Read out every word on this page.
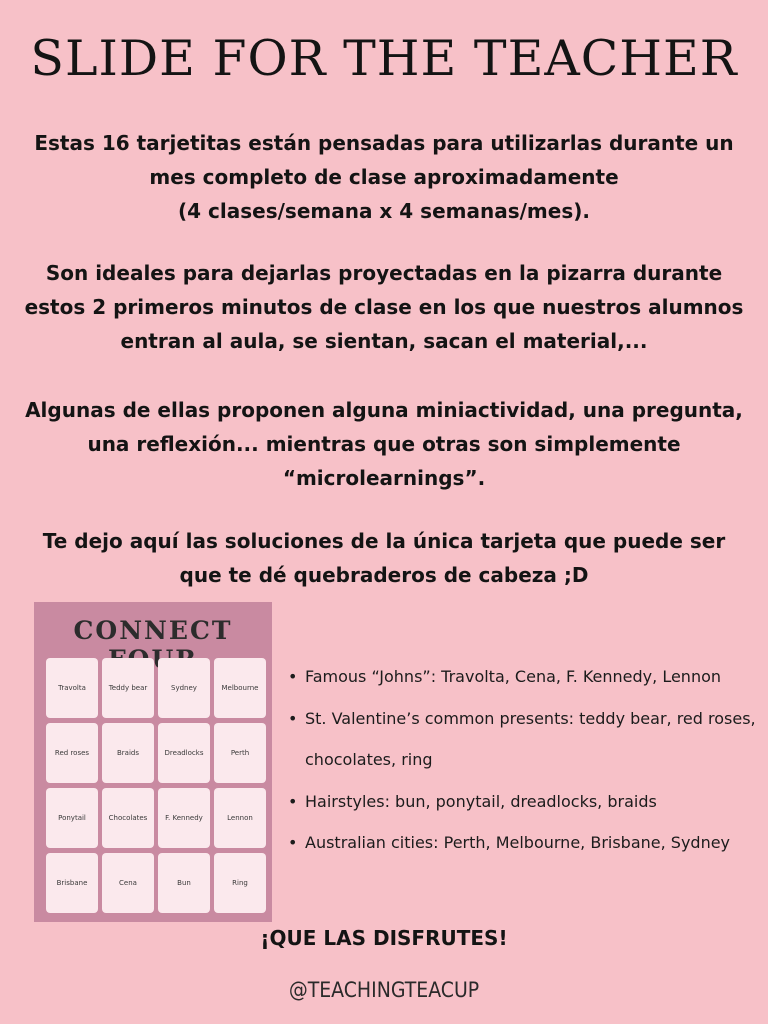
SLIDE FOR THE TEACHER

Estas 16 tarjetitas están pensadas para utilizarlas durante un
mes completo de clase aproximadamente
(4 clases/semana x 4 semanas/mes).

Son ideales para dejarlas proyectadas en la pizarra durante
estos 2 primeros minutos de clase en los que nuestros alumnos
entran al aula, se sientan, sacan el material,...

Algunas de ellas proponen alguna miniactividad, una pregunta,
una reflexión... mientras que otras son simplemente
“microlearnings”.

Te dejo aquí las soluciones de la única tarjeta que puede ser
que te dé quebraderos de cabeza ;D

CONNECT
Travolta	Teddy bear	Sydney	Melbourne
Red roses	Braids	Dreadlocks	Perth
Ponytail	Chocolates	F. Kennedy	Lennon
Brisbane	Cena	Bun	Ring
• Famous “Johns”: Travolta, Cena, F. Kennedy, Lennon
• St. Valentine’s common presents: teddy bear, red roses, chocolates, ring
• Hairstyles: bun, ponytail, dreadlocks, braids
• Australian cities: Perth, Melbourne, Brisbane, Sydney

¡QUE LAS DISFRUTES!

@TEACHINGTEACUP
